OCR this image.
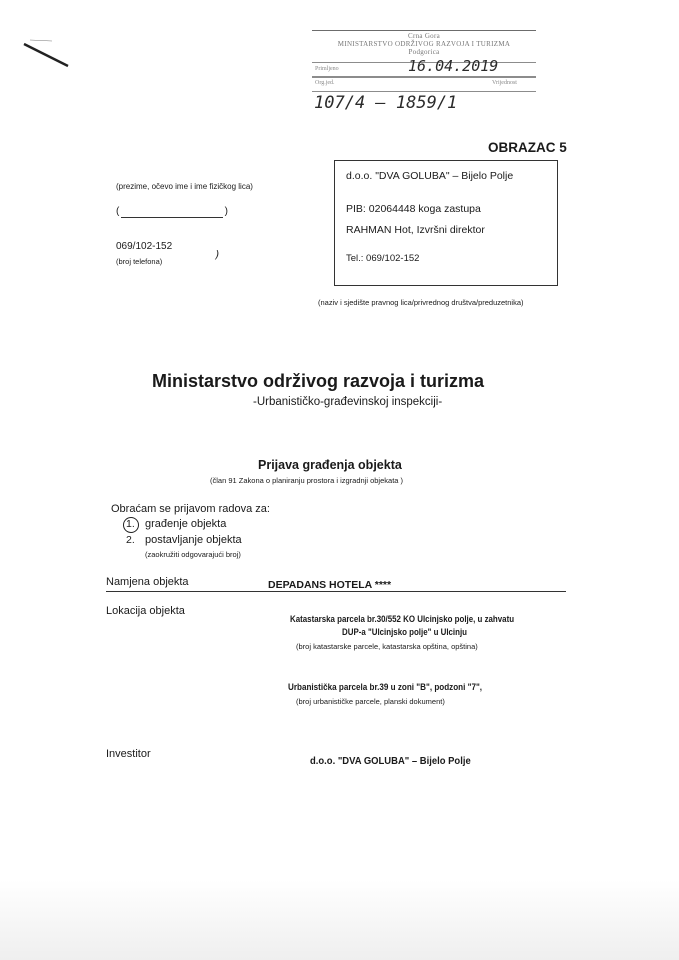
Crna Gora
MINISTARSTVO ODRŽIVOG RAZVOJA I TURIZMA
Podgorica
Primljeno	16.04.2019
Org.jed.	Vrijednost
107/4 – 1859/1
OBRAZAC 5
(prezime, očevo ime i ime fizičkog lica)
(	)
069/102-152
(broj telefona)
)
d.o.o. "DVA GOLUBA" – Bijelo Polje
PIB: 02064448 koga zastupa
RAHMAN Hot, Izvršni direktor
Tel.: 069/102-152
(naziv i sjedište pravnog lica/privrednog društva/preduzetnika)
Ministarstvo održivog razvoja i turizma
-Urbanističko-građevinskoj inspekciji-
Prijava građenja objekta
(član 91 Zakona o planiranju prostora i izgradnji objekata )
Obraćam se prijavom radova za:
1. građenje objekta
2. postavljanje objekta
(zaokružiti odgovarajući broj)
Namjena objekta	DEPADANS HOTELA ****
Lokacija objekta
Katastarska parcela br.30/552 KO Ulcinjsko polje, u zahvatu
DUP-a "Ulcinjsko polje" u Ulcinju
(broj katastarske parcele, katastarska opština, opština)
Urbanistička parcela br.39 u zoni "B", podzoni "7",
(broj urbanističke parcele, planski dokument)
Investitor
d.o.o. "DVA GOLUBA" – Bijelo Polje
